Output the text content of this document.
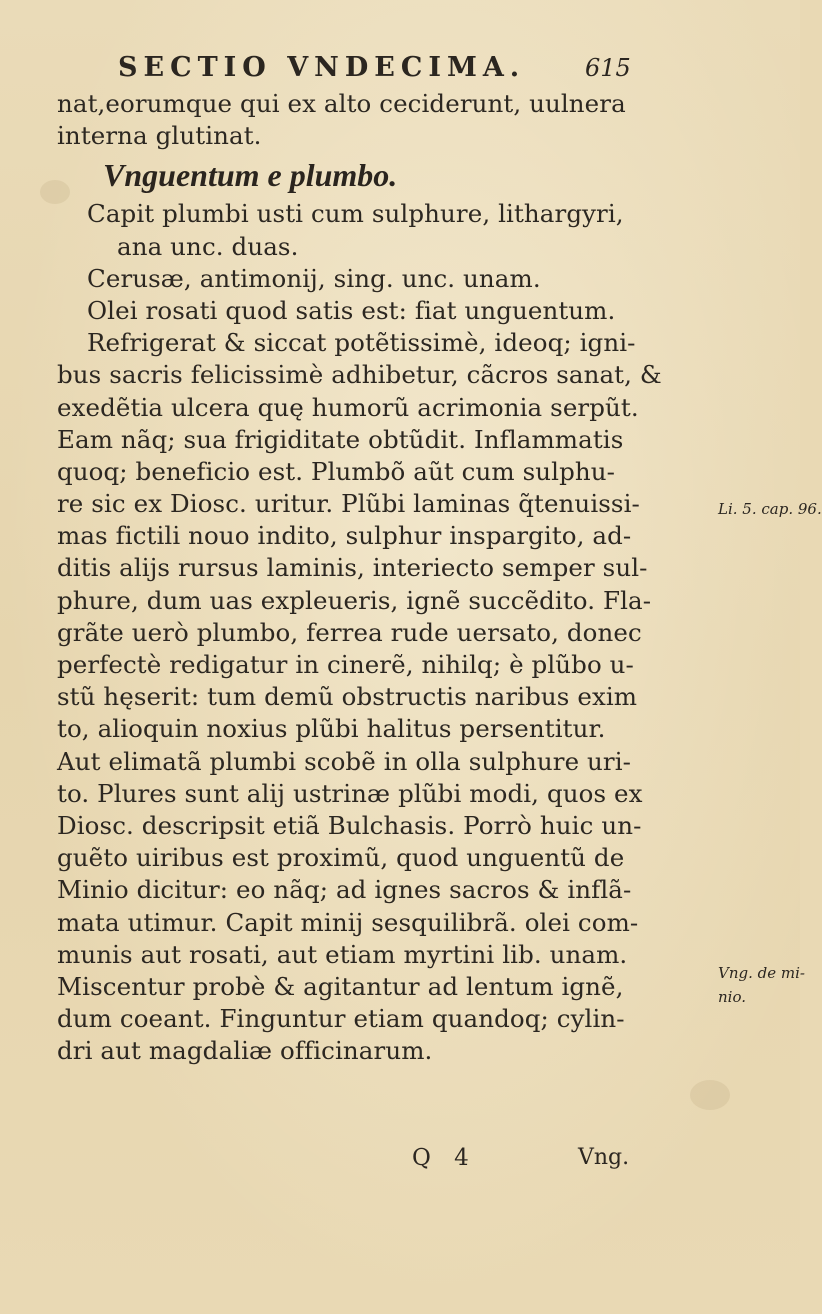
SECTIO VNDECIMA. 615
nat,eorumque qui ex alto ceciderunt, uulnera
interna glutinat.
Vnguentum e plumbo.
Capit plumbi usti cum sulphure, lithargyri,
ana unc. duas.
Cerusæ, antimonij, sing. unc. unam.
Olei rosati quod satis est: fiat unguentum.
Refrigerat & siccat potẽtissimè, ideoq; igni-
bus sacris felicissimè adhibetur, cãcros sanat, &
exedẽtia ulcera quę humorũ acrimonia serpũt.
Eam nãq; sua frigiditate obtũdit. Inflammatis
quoq; beneficio est. Plumbõ aũt cum sulphu-
re sic ex Diosc. uritur. Plũbi laminas q̃tenuissi-
mas fictili nouo indito, sulphur inspargito, ad-
ditis alijs rursus laminis, interiecto semper sul-
phure, dum uas expleueris, ignẽ succẽdito. Fla-
grãte uerò plumbo, ferrea rude uersato, donec
perfectè redigatur in cinerẽ, nihilq; è plũbo u-
stũ hęserit: tum demũ obstructis naribus exim
to, alioquin noxius plũbi halitus persentitur.
Aut elimatã plumbi scobẽ in olla sulphure uri-
to. Plures sunt alij ustrinæ plũbi modi, quos ex
Diosc. descripsit etiã Bulchasis. Porrò huic un-
guẽto uiribus est proximũ, quod unguentũ de
Minio dicitur: eo nãq; ad ignes sacros & inflã-
mata utimur. Capit minij sesquilibrã. olei com-
munis aut rosati, aut etiam myrtini lib. unam.
Miscentur probè & agitantur ad lentum ignẽ,
dum coeant. Finguntur etiam quandoq; cylin-
dri aut magdaliæ officinarum.
Li. 5. cap. 96.
Vng. de mi-
nio.
Q 4	Vng.
